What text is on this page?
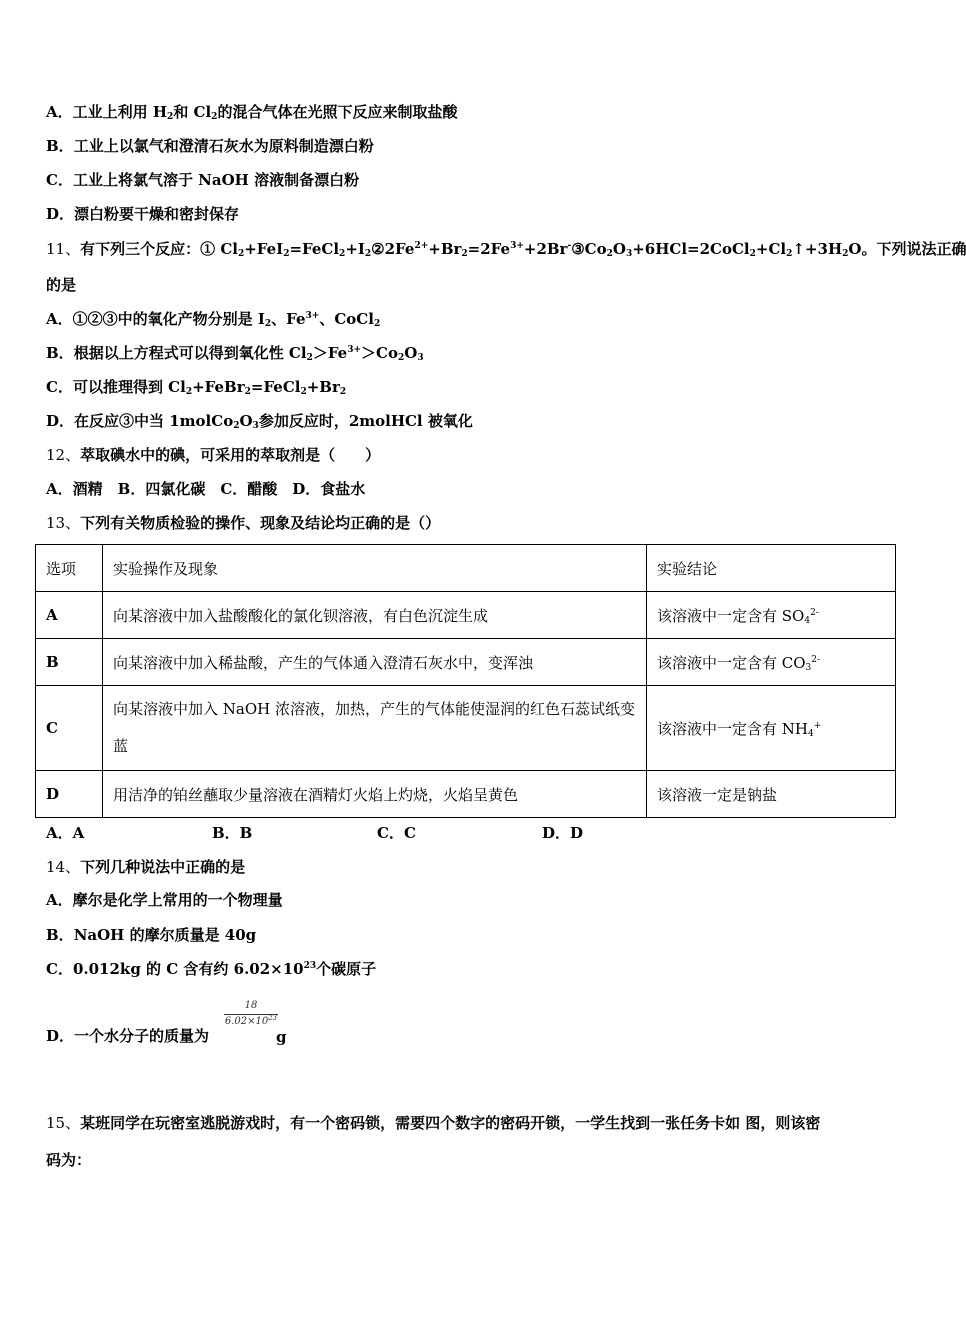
A．工业上利用 $H_2$和 $Cl_2$的混合气体在光照下反应来制取盐酸
B．工业上以氯气和澄清石灰水为原料制造漂白粉
C．工业上将氯气溶于 NaOH 溶液制备漂白粉
D．漂白粉要干燥和密封保存
11、有下列三个反应：① $Cl_2+FeI_2=FeCl_2+I_2②2Fe^{2+}+Br_2=2Fe^{3+}+2Br^-③Co_2O_3+6HCl=2CoCl_2+Cl_2↑+3H_2O$。下列说法正确
的是
A．①②③中的氧化产物分别是 $I_2$、$Fe^{3+}$、CoCl$_2$
B．根据以上方程式可以得到氧化性 $Cl_2>Fe^{3+}>Co_2O_3$
C．可以推理得到 $Cl_2+FeBr_2=FeCl_2+Br_2$
D．在反应③中当 $1molCo_2O_3$参加反应时，2molHCl 被氧化
12、萃取碘水中的碘，可采用的萃取剂是（　　）
A．酒精　B．四氯化碳　C．醋酸　D．食盐水
13、下列有关物质检验的操作、现象及结论均正确的是（）
选项	实验操作及现象	实验结论
A	向某溶液中加入盐酸酸化的氯化钡溶液，有白色沉淀生成	该溶液中一定含有 $SO_4^{2-}$
B	向某溶液中加入稀盐酸，产生的气体通入澄清石灰水中，变浑浊	该溶液中一定含有 $CO_3^{2-}$
C	向某溶液中加入 NaOH 浓溶液，加热，产生的气体能使湿润的红色石蕊试纸变蓝	该溶液中一定含有 $NH_4^+$
D	用洁净的铂丝蘸取少量溶液在酒精灯火焰上灼烧，火焰呈黄色	该溶液一定是钠盐
A．A	B．B	C．C	D．D
14、下列几种说法中正确的是
A．摩尔是化学上常用的一个物理量
B．NaOH 的摩尔质量是 40g
C．0.012kg 的 C 含有约 $6.02\times 10^{23}$个碳原子
D．一个水分子的质量为
18
$6.02\times 10^{23}$
g
15、某班同学在玩密室逃脱游戏时，有一个密码锁，需要四个数字的密码开锁，一学生找到一张任务卡如 图，则该密
码为：
